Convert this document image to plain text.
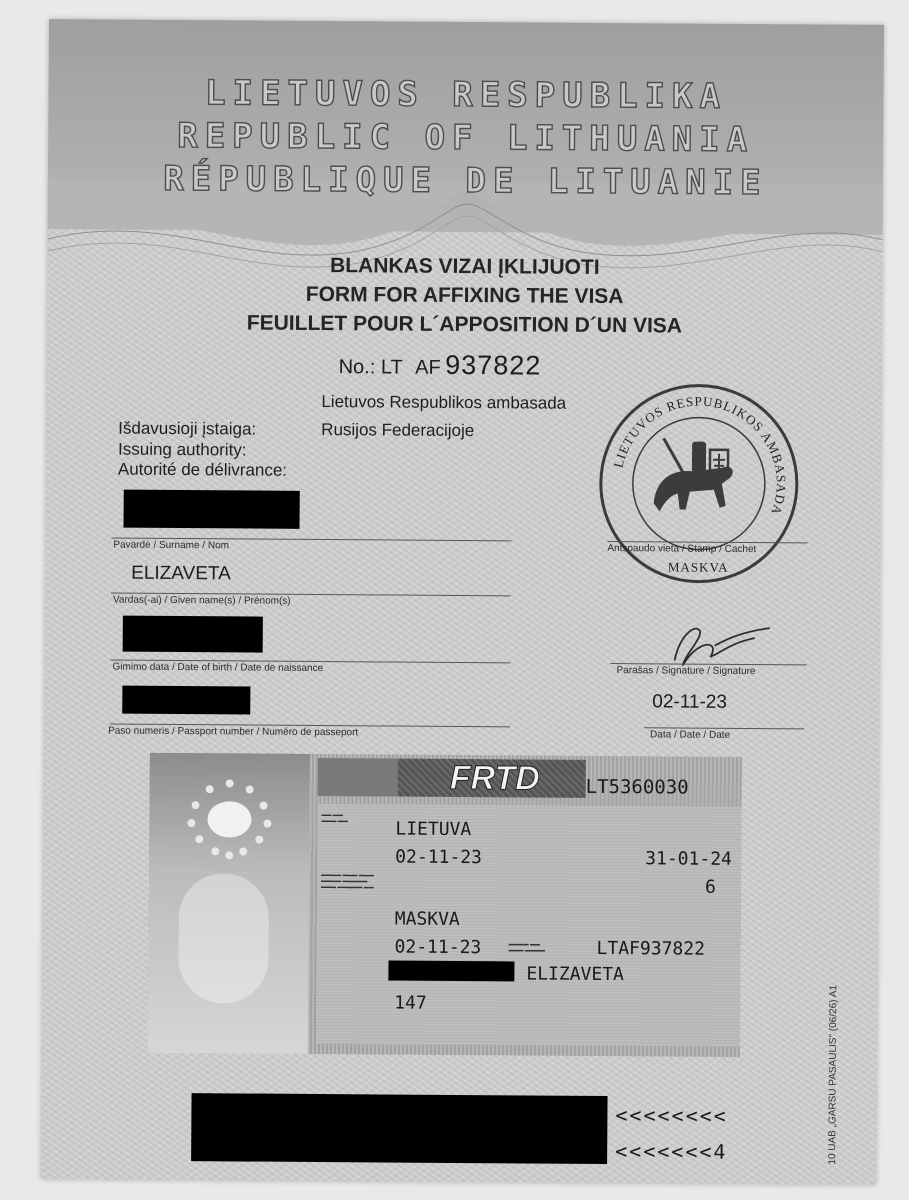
LIETUVOS RESPUBLIKA
REPUBLIC OF LITHUANIA
RÉPUBLIQUE DE LITUANIE
BLANKAS VIZAI ĮKLIJUOTI
FORM FOR AFFIXING THE VISA
FEUILLET POUR L´APPOSITION D´UN VISA
No.: LT AF 937822
Lietuvos Respublikos ambasada
Išdavusioji įstaiga:	Rusijos Federacijoje
Issuing authority:
Autorité de délivrance:	LIETUVOS RESPUBLIKOS AMBASADA
MASKVA
Pavardė / Surname / Nom	Antspaudo vieta / Stamp / Cachet
ELIZAVETA
Vardas(-ai) / Given name(s) / Prénom(s)
Gimimo data / Date of birth / Date de naissance	Parašas / Signature / Signature
Paso numeris / Passport number / Numéro de passeport
02-11-23
Data / Date / Date
FRTD LT5360030
▬▬ ▬▬
▬▬▬ ▬▬	LIETUVA
02-11-23	31-01-24
6
▬▬▬▬ ▬▬▬ ▬▬▬
▬▬▬▬ ▬▬▬▬▬
▬▬▬ ▬▬▬▬▬ ▬▬
MASKVA
02-11-23	▬▬▬▬ ▬▬
▬▬▬ ▬▬▬▬	LTAF937822
ELIZAVETA
147	10 UAB „GARSU PASAULIS" (06/26) A1
<<<<<<<<
<<<<<<<4
